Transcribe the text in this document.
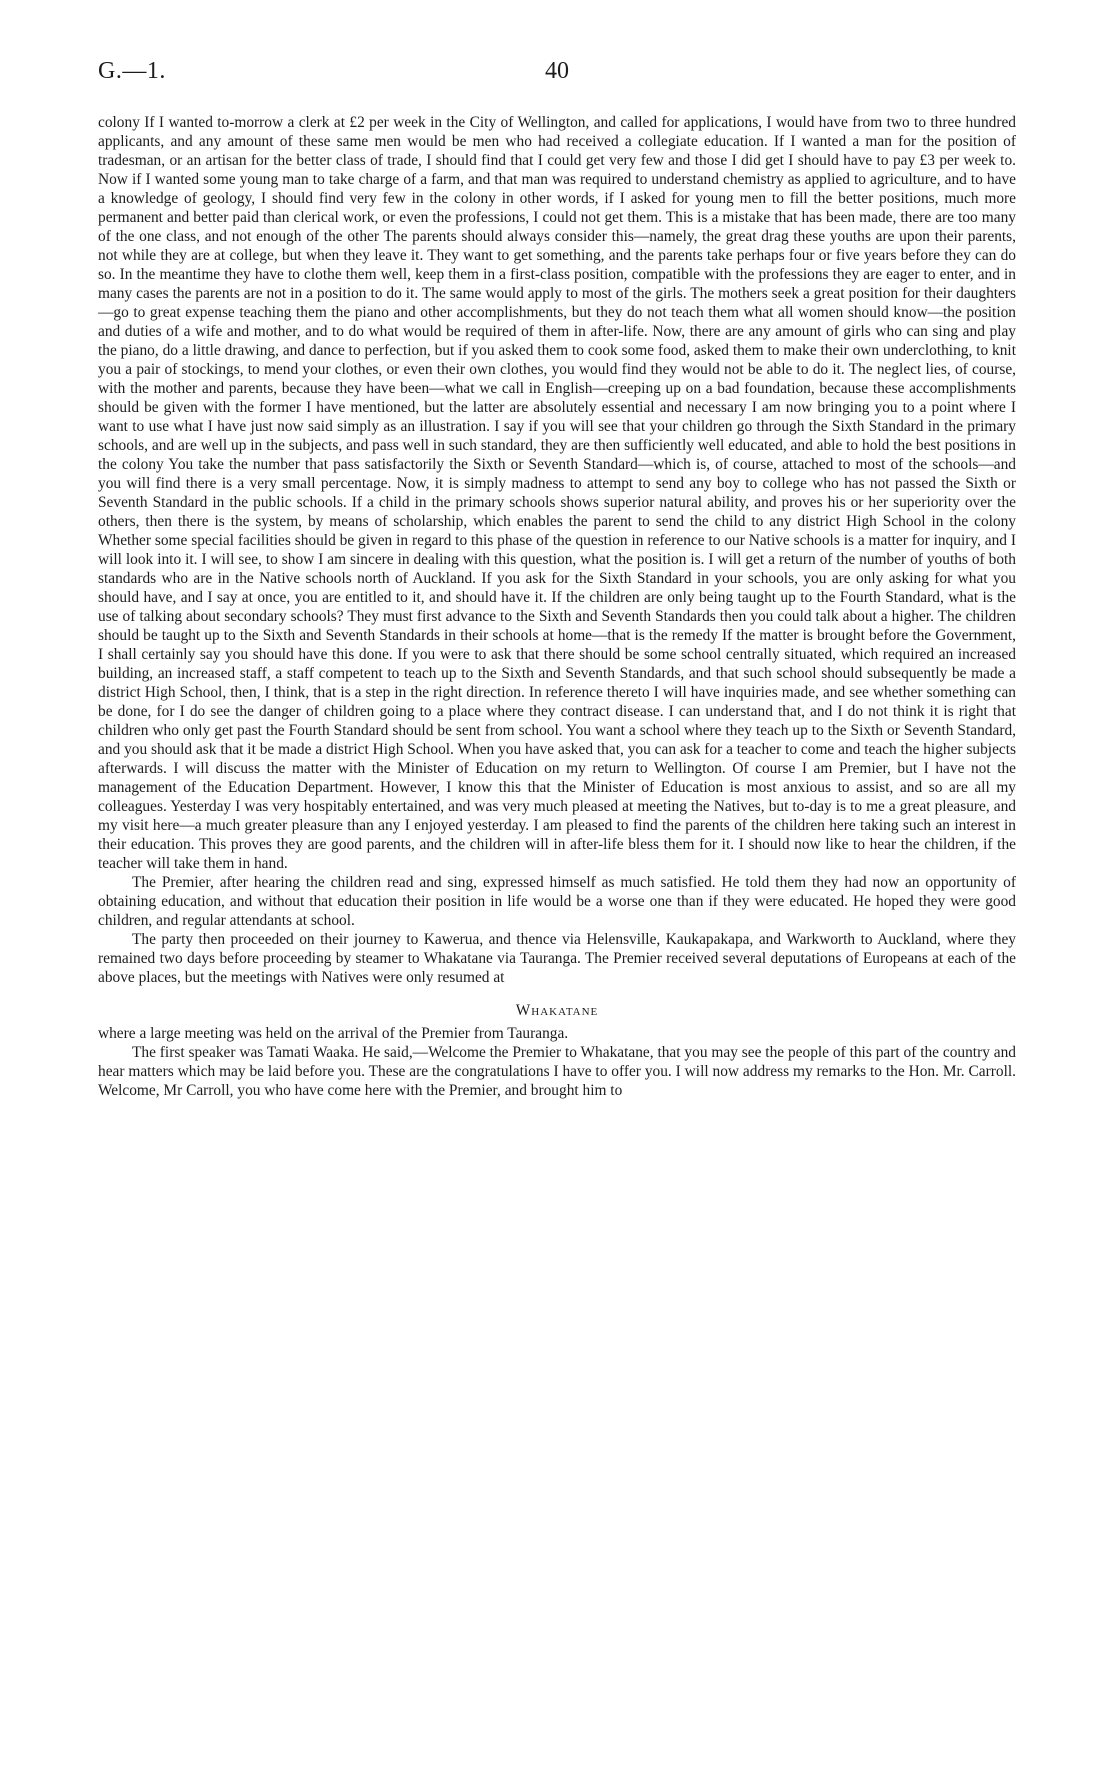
G.—1.	40

colony If I wanted to-morrow a clerk at £2 per week in the City of Wellington, and called for applications, I would have from two to three hundred applicants, and any amount of these same men would be men who had received a collegiate education. If I wanted a man for the position of tradesman, or an artisan for the better class of trade, I should find that I could get very few and those I did get I should have to pay £3 per week to. Now if I wanted some young man to take charge of a farm, and that man was required to understand chemistry as applied to agriculture, and to have a knowledge of geology, I should find very few in the colony in other words, if I asked for young men to fill the better positions, much more permanent and better paid than clerical work, or even the professions, I could not get them. This is a mistake that has been made, there are too many of the one class, and not enough of the other The parents should always consider this—namely, the great drag these youths are upon their parents, not while they are at college, but when they leave it. They want to get something, and the parents take perhaps four or five years before they can do so. In the meantime they have to clothe them well, keep them in a first-class position, compatible with the professions they are eager to enter, and in many cases the parents are not in a position to do it. The same would apply to most of the girls. The mothers seek a great position for their daughters—go to great expense teaching them the piano and other accomplishments, but they do not teach them what all women should know—the position and duties of a wife and mother, and to do what would be required of them in after-life. Now, there are any amount of girls who can sing and play the piano, do a little drawing, and dance to perfection, but if you asked them to cook some food, asked them to make their own underclothing, to knit you a pair of stockings, to mend your clothes, or even their own clothes, you would find they would not be able to do it. The neglect lies, of course, with the mother and parents, because they have been—what we call in English—creeping up on a bad foundation, because these accomplishments should be given with the former I have mentioned, but the latter are absolutely essential and necessary I am now bringing you to a point where I want to use what I have just now said simply as an illustration. I say if you will see that your children go through the Sixth Standard in the primary schools, and are well up in the subjects, and pass well in such standard, they are then sufficiently well educated, and able to hold the best positions in the colony You take the number that pass satisfactorily the Sixth or Seventh Standard—which is, of course, attached to most of the schools—and you will find there is a very small percentage. Now, it is simply madness to attempt to send any boy to college who has not passed the Sixth or Seventh Standard in the public schools. If a child in the primary schools shows superior natural ability, and proves his or her superiority over the others, then there is the system, by means of scholarship, which enables the parent to send the child to any district High School in the colony Whether some special facilities should be given in regard to this phase of the question in reference to our Native schools is a matter for inquiry, and I will look into it. I will see, to show I am sincere in dealing with this question, what the position is. I will get a return of the number of youths of both standards who are in the Native schools north of Auckland. If you ask for the Sixth Standard in your schools, you are only asking for what you should have, and I say at once, you are entitled to it, and should have it. If the children are only being taught up to the Fourth Standard, what is the use of talking about secondary schools? They must first advance to the Sixth and Seventh Standards then you could talk about a higher. The children should be taught up to the Sixth and Seventh Standards in their schools at home—that is the remedy If the matter is brought before the Government, I shall certainly say you should have this done. If you were to ask that there should be some school centrally situated, which required an increased building, an increased staff, a staff competent to teach up to the Sixth and Seventh Standards, and that such school should subsequently be made a district High School, then, I think, that is a step in the right direction. In reference thereto I will have inquiries made, and see whether something can be done, for I do see the danger of children going to a place where they contract disease. I can understand that, and I do not think it is right that children who only get past the Fourth Standard should be sent from school. You want a school where they teach up to the Sixth or Seventh Standard, and you should ask that it be made a district High School. When you have asked that, you can ask for a teacher to come and teach the higher subjects afterwards. I will discuss the matter with the Minister of Education on my return to Wellington. Of course I am Premier, but I have not the management of the Education Department. However, I know this that the Minister of Education is most anxious to assist, and so are all my colleagues. Yesterday I was very hospitably entertained, and was very much pleased at meeting the Natives, but to-day is to me a great pleasure, and my visit here—a much greater pleasure than any I enjoyed yesterday. I am pleased to find the parents of the children here taking such an interest in their education. This proves they are good parents, and the children will in after-life bless them for it. I should now like to hear the children, if the teacher will take them in hand.

The Premier, after hearing the children read and sing, expressed himself as much satisfied. He told them they had now an opportunity of obtaining education, and without that education their position in life would be a worse one than if they were educated. He hoped they were good children, and regular attendants at school.

The party then proceeded on their journey to Kawerua, and thence via Helensville, Kaukapakapa, and Warkworth to Auckland, where they remained two days before proceeding by steamer to Whakatane via Tauranga. The Premier received several deputations of Europeans at each of the above places, but the meetings with Natives were only resumed at

Whakatane

where a large meeting was held on the arrival of the Premier from Tauranga.

The first speaker was Tamati Waaka. He said,—Welcome the Premier to Whakatane, that you may see the people of this part of the country and hear matters which may be laid before you. These are the congratulations I have to offer you. I will now address my remarks to the Hon. Mr. Carroll. Welcome, Mr Carroll, you who have come here with the Premier, and brought him to
